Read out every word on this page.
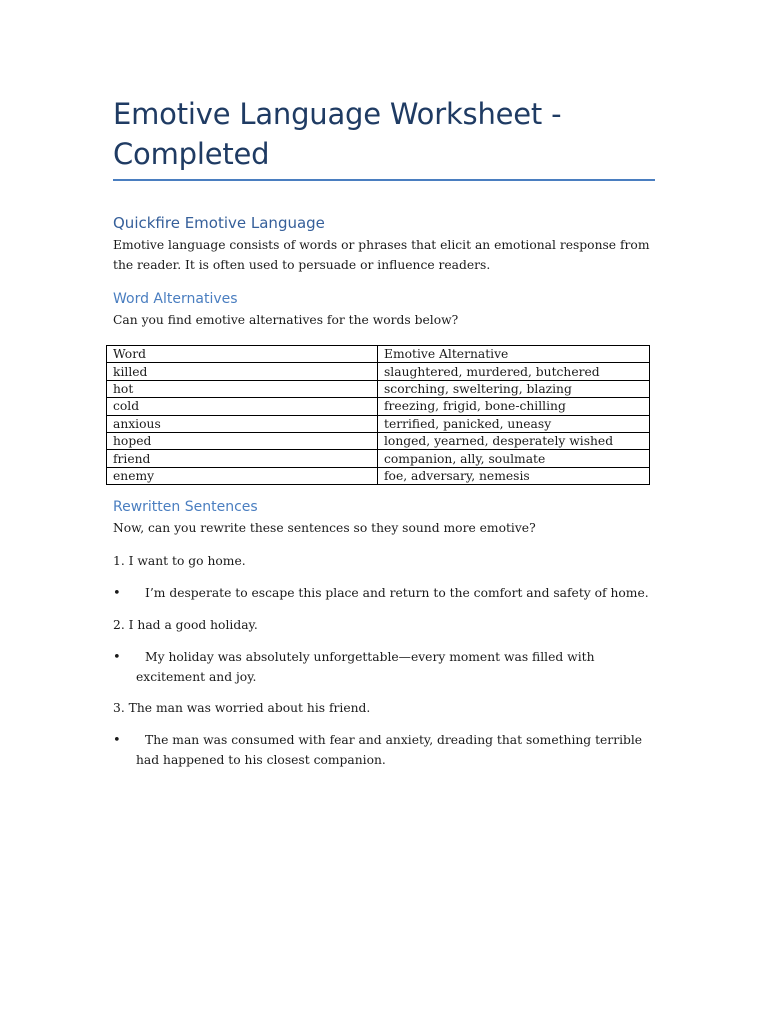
Emotive Language Worksheet - Completed
Quickfire Emotive Language

Emotive language consists of words or phrases that elicit an emotional response from the reader. It is often used to persuade or influence readers.

Word Alternatives

Can you find emotive alternatives for the words below?

Word	Emotive Alternative
killed	slaughtered, murdered, butchered
hot	scorching, sweltering, blazing
cold	freezing, frigid, bone-chilling
anxious	terrified, panicked, uneasy
hoped	longed, yearned, desperately wished
friend	companion, ally, soulmate
enemy	foe, adversary, nemesis
Rewritten Sentences

Now, can you rewrite these sentences so they sound more emotive?

1. I want to go home.

•	I’m desperate to escape this place and return to the comfort and safety of home.

2. I had a good holiday.

•	My holiday was absolutely unforgettable—every moment was filled with excitement and joy.

3. The man was worried about his friend.

•	The man was consumed with fear and anxiety, dreading that something terrible had happened to his closest companion.
